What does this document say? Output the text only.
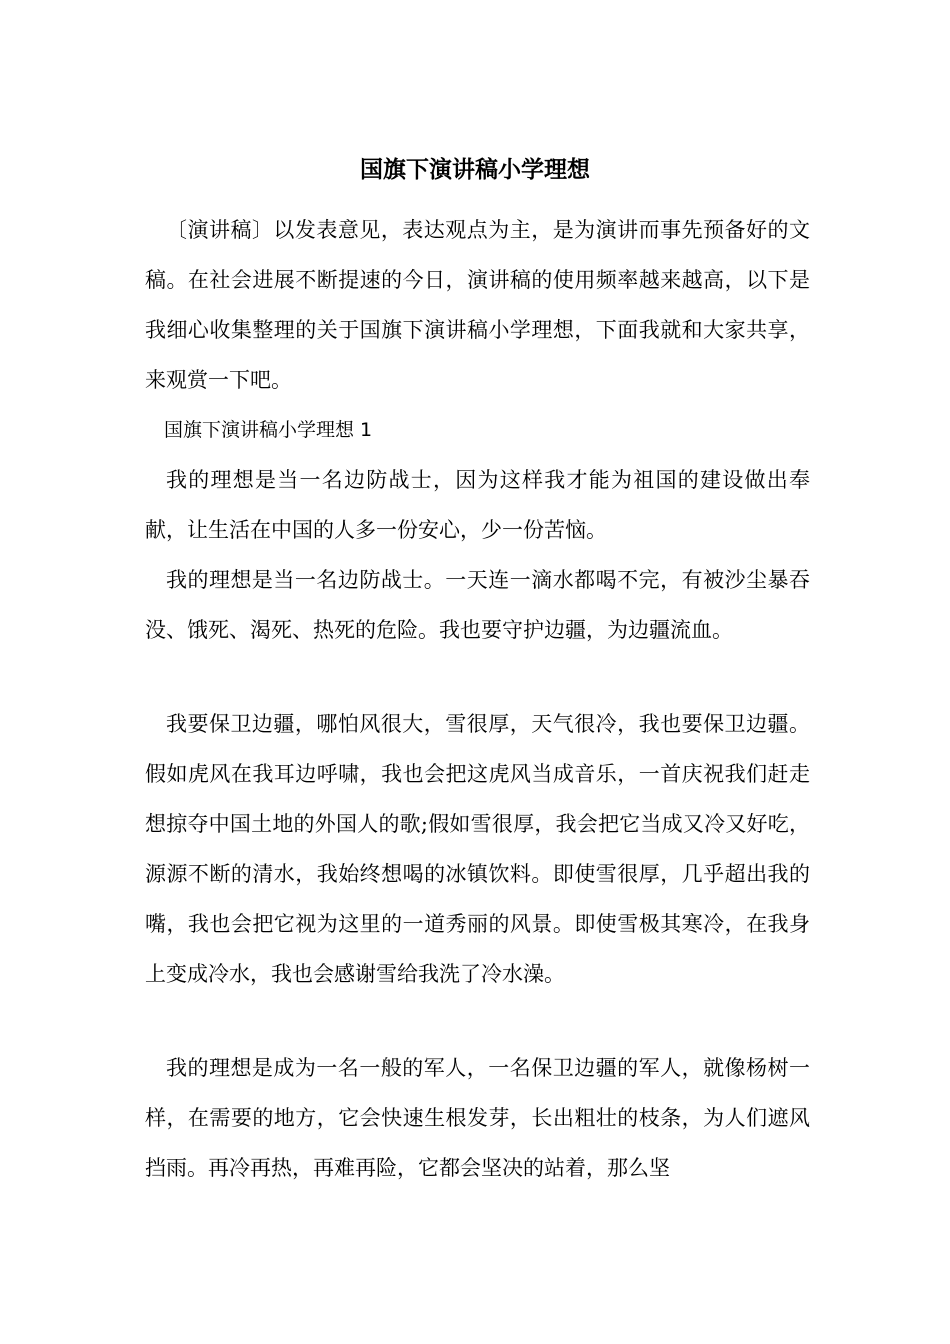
国旗下演讲稿小学理想

〔演讲稿〕以发表意见，表达观点为主，是为演讲而事先预备好的文稿。在社会进展不断提速的今日，演讲稿的使用频率越来越高，以下是我细心收集整理的关于国旗下演讲稿小学理想，下面我就和大家共享，来观赏一下吧。

国旗下演讲稿小学理想 1

我的理想是当一名边防战士，因为这样我才能为祖国的建设做出奉献，让生活在中国的人多一份安心，少一份苦恼。

我的理想是当一名边防战士。一天连一滴水都喝不完，有被沙尘暴吞没、饿死、渴死、热死的危险。我也要守护边疆，为边疆流血。

我要保卫边疆，哪怕风很大，雪很厚，天气很冷，我也要保卫边疆。假如虎风在我耳边呼啸，我也会把这虎风当成音乐，一首庆祝我们赶走想掠夺中国土地的外国人的歌;假如雪很厚，我会把它当成又冷又好吃，源源不断的清水，我始终想喝的冰镇饮料。即使雪很厚，几乎超出我的嘴，我也会把它视为这里的一道秀丽的风景。即使雪极其寒冷，在我身上变成冷水，我也会感谢雪给我洗了冷水澡。

我的理想是成为一名一般的军人，一名保卫边疆的军人，就像杨树一样，在需要的地方，它会快速生根发芽，长出粗壮的枝条，为人们遮风挡雨。再冷再热，再难再险，它都会坚决的站着，那么坚
